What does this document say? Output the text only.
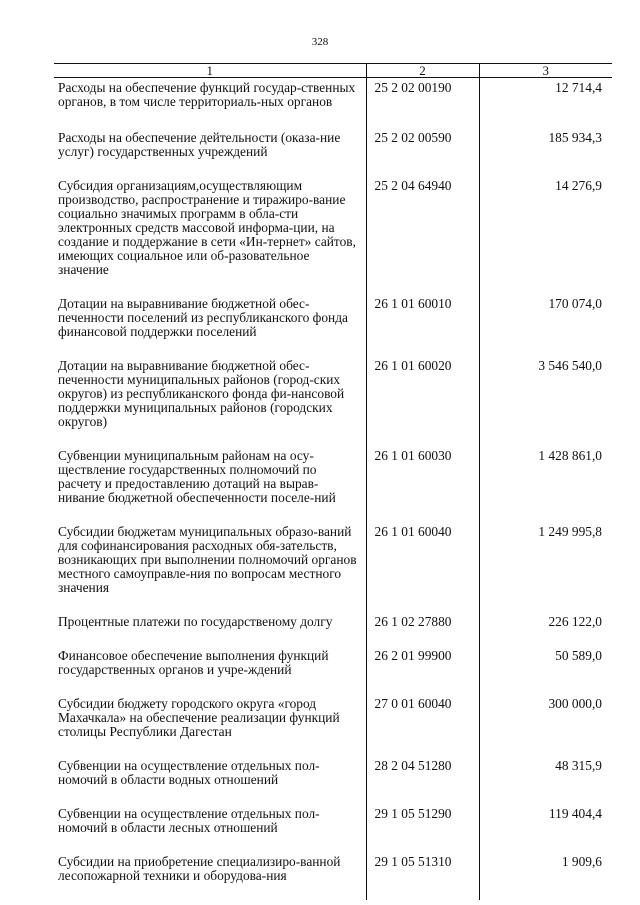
328
1	2	3
Расходы на обеспечение функций государ-ственных органов, в том числе территориаль-ных органов	25 2 02 00190	12 714,4
Расходы на обеспечение дейтельности (оказа-ние услуг) государственных учреждений	25 2 02 00590	185 934,3
Субсидия организациям,осуществляющим производство, распространение и тиражиро-вание социально значимых программ в обла-сти электронных средств массовой информа-ции, на создание и поддержание в сети «Ин-тернет» сайтов, имеющих социальное или об-разовательное значение	25 2 04 64940	14 276,9
Дотации на выравнивание бюджетной обес-печенности поселений из республиканского фонда финансовой поддержки поселений	26 1 01 60010	170 074,0
Дотации на выравнивание бюджетной обес-печенности муниципальных районов (город-ских округов) из республиканского фонда фи-нансовой поддержки муниципальных районов (городских округов)	26 1 01 60020	3 546 540,0
Субвенции муниципальным районам на осу-ществление государственных полномочий по расчету и предоставлению дотаций на вырав-нивание бюджетной обеспеченности поселе-ний	26 1 01 60030	1 428 861,0
Субсидии бюджетам муниципальных образо-ваний для софинансирования расходных обя-зательств, возникающих при выполнении полномочий органов местного самоуправле-ния по вопросам местного значения	26 1 01 60040	1 249 995,8
Процентные платежи по государственому долгу	26 1 02 27880	226 122,0
Финансовое обеспечение выполнения функций государственных органов и учре-ждений	26 2 01 99900	50 589,0
Субсидии бюджету городского округа «город Махачкала» на обеспечение реализации функций столицы Республики Дагестан	27 0 01 60040	300 000,0
Субвенции на осуществление отдельных пол-номочий в области водных отношений	28 2 04 51280	48 315,9
Субвенции на осуществление отдельных пол-номочий в области лесных отношений	29 1 05 51290	119 404,4
Субсидии на приобретение специализиро-ванной лесопожарной техники и оборудова-ния	29 1 05 51310	1 909,6
